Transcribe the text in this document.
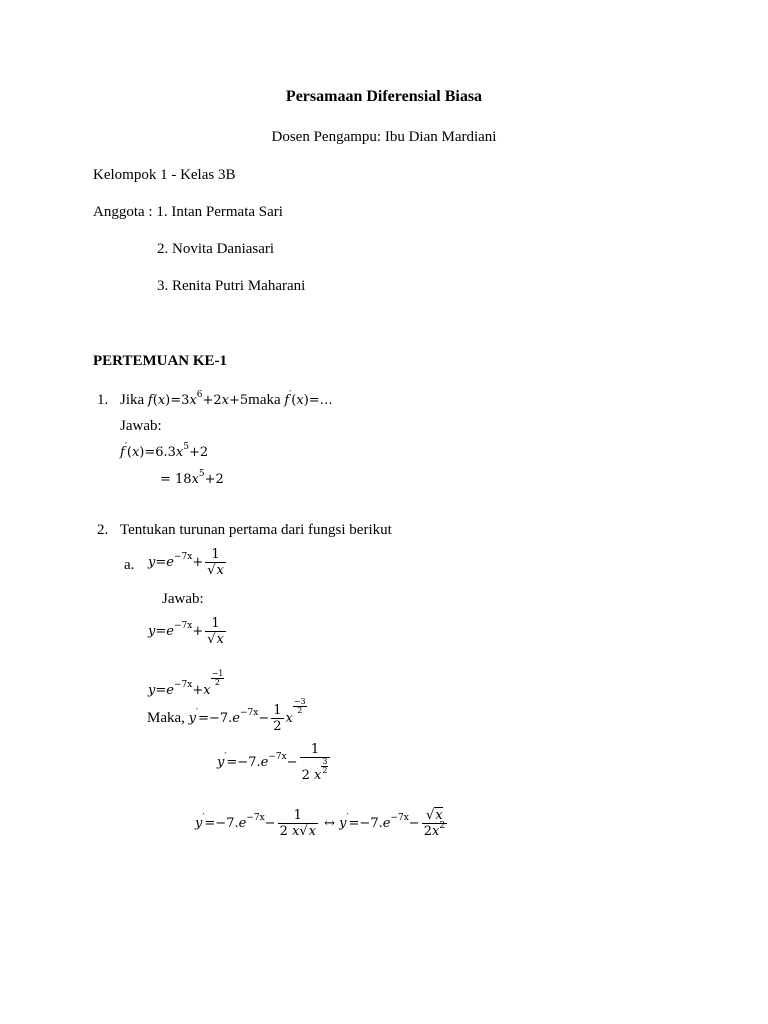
Persamaan Diferensial Biasa
Dosen Pengampu: Ibu Dian Mardiani
Kelompok 1 - Kelas 3B
Anggota : 1. Intan Permata Sari
2. Novita Daniasari
3. Renita Putri Maharani
PERTEMUAN KE-1
1. Jika $f(x)=3x^6+2x+5maka$ f′(x)=…
Jawab:
$f'(x)=6.3x^5+2$
= $18x^5+2$
2. Tentukan turunan pertama dari fungsi berikut
a. $y=e^{-7x}+ \frac{1}{√x}$
Jawab:
$y=e^{-7x}+ \frac{1}{√x}$
$y=e^{-7x}+x$
$\frac{-1}{2}$
Maka, $y'=-7.e^{-7x}- \frac{1}{2}$ x
$\frac{-3}{2}$
$y'=-7.e^{-7x}- 1$
2 x
$\frac{3}{2}$
$y'=-7.e^{-7x}- \frac{1}{2 x√x}$ ↔ $y'=-7.e^{-7x}- \frac{√x}{2x^2}$
